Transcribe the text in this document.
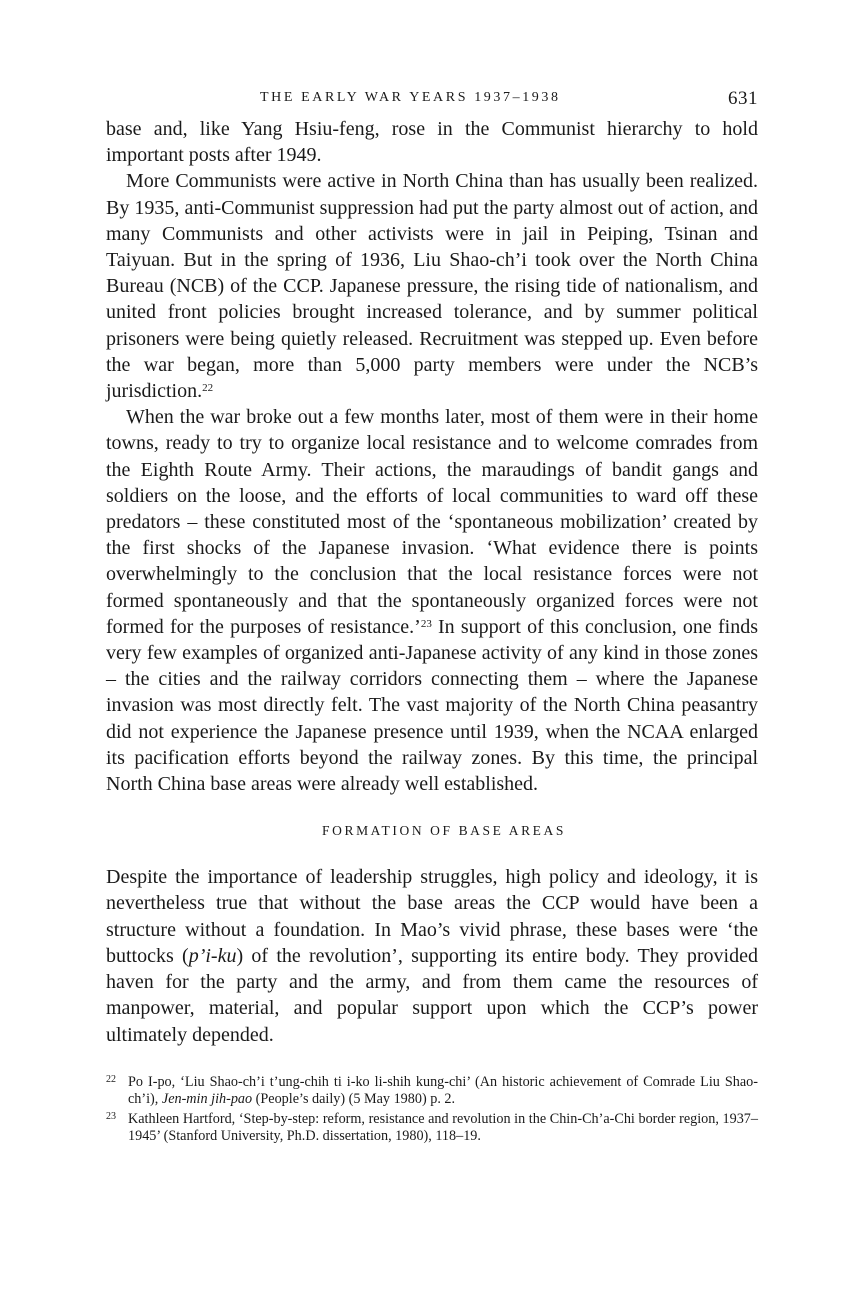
THE EARLY WAR YEARS 1937–1938	631

base and, like Yang Hsiu-feng, rose in the Communist hierarchy to hold important posts after 1949.

More Communists were active in North China than has usually been realized. By 1935, anti-Communist suppression had put the party almost out of action, and many Communists and other activists were in jail in Peiping, Tsinan and Taiyuan. But in the spring of 1936, Liu Shao-ch’i took over the North China Bureau (NCB) of the CCP. Japanese pressure, the rising tide of nationalism, and united front policies brought increased tolerance, and by summer political prisoners were being quietly released. Recruitment was stepped up. Even before the war began, more than 5,000 party members were under the NCB’s jurisdiction.$^{22}$

When the war broke out a few months later, most of them were in their home towns, ready to try to organize local resistance and to welcome comrades from the Eighth Route Army. Their actions, the maraudings of bandit gangs and soldiers on the loose, and the efforts of local communities to ward off these predators – these constituted most of the ‘spontaneous mobilization’ created by the first shocks of the Japanese invasion. ‘What evidence there is points overwhelmingly to the conclusion that the local resistance forces were not formed spontaneously and that the spontaneously organized forces were not formed for the purposes of resistance.’$^{23}$ In support of this conclusion, one finds very few examples of organized anti-Japanese activity of any kind in those zones – the cities and the railway corridors connecting them – where the Japanese invasion was most directly felt. The vast majority of the North China peasantry did not experience the Japanese presence until 1939, when the NCAA enlarged its pacification efforts beyond the railway zones. By this time, the principal North China base areas were already well established.

FORMATION OF BASE AREAS

Despite the importance of leadership struggles, high policy and ideology, it is nevertheless true that without the base areas the CCP would have been a structure without a foundation. In Mao’s vivid phrase, these bases were ‘the buttocks (p’i-ku) of the revolution’, supporting its entire body. They provided haven for the party and the army, and from them came the resources of manpower, material, and popular support upon which the CCP’s power ultimately depended.

22 Po I-po, ‘Liu Shao-ch’i t’ung-chih ti i-ko li-shih kung-chi’ (An historic achievement of Comrade Liu Shao-ch’i), Jen-min jih-pao (People’s daily) (5 May 1980) p. 2.

23 Kathleen Hartford, ‘Step-by-step: reform, resistance and revolution in the Chin-Ch’a-Chi border region, 1937–1945’ (Stanford University, Ph.D. dissertation, 1980), 118–19.
